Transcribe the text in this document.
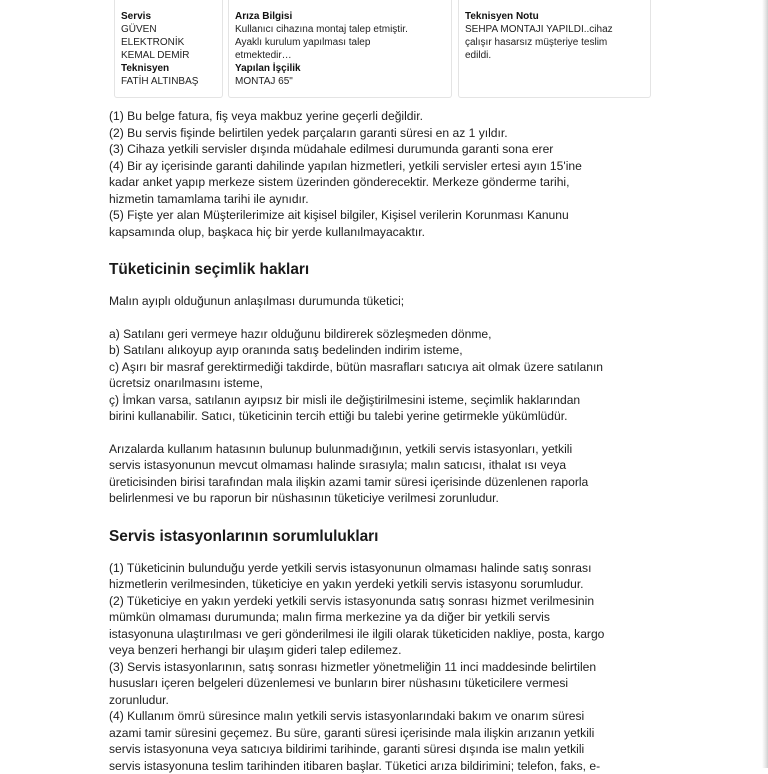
Servis
GÜVEN
ELEKTRONİK
KEMAL DEMİR
Teknisyen
FATİH ALTINBAŞ
Arıza Bilgisi
Kullanıcı cihazına montaj talep etmiştir.
Ayaklı kurulum yapılması talep
etmektedir…
Yapılan İşçilik
MONTAJ 65"
Teknisyen Notu
SEHPA MONTAJI YAPILDI..cihaz
çalışır hasarsız müşteriye teslim
edildi.

(1) Bu belge fatura, fiş veya makbuz yerine geçerli değildir.
(2) Bu servis fişinde belirtilen yedek parçaların garanti süresi en az 1 yıldır.
(3) Cihaza yetkili servisler dışında müdahale edilmesi durumunda garanti sona erer
(4) Bir ay içerisinde garanti dahilinde yapılan hizmetleri, yetkili servisler ertesi ayın 15'ine
kadar anket yapıp merkeze sistem üzerinden gönderecektir. Merkeze gönderme tarihi,
hizmetin tamamlama tarihi ile aynıdır.
(5) Fişte yer alan Müşterilerimize ait kişisel bilgiler, Kişisel verilerin Korunması Kanunu
kapsamında olup, başkaca hiç bir yerde kullanılmayacaktır.

Tüketicinin seçimlik hakları

Malın ayıplı olduğunun anlaşılması durumunda tüketici;

a) Satılanı geri vermeye hazır olduğunu bildirerek sözleşmeden dönme,
b) Satılanı alıkoyup ayıp oranında satış bedelinden indirim isteme,
c) Aşırı bir masraf gerektirmediği takdirde, bütün masrafları satıcıya ait olmak üzere satılanın
ücretsiz onarılmasını isteme,
ç) İmkan varsa, satılanın ayıpsız bir misli ile değiştirilmesini isteme, seçimlik haklarından
birini kullanabilir. Satıcı, tüketicinin tercih ettiği bu talebi yerine getirmekle yükümlüdür.

Arızalarda kullanım hatasının bulunup bulunmadığının, yetkili servis istasyonları, yetkili
servis istasyonunun mevcut olmaması halinde sırasıyla; malın satıcısı, ithalat ısı veya
üreticisinden birisi tarafından mala ilişkin azami tamir süresi içerisinde düzenlenen raporla
belirlenmesi ve bu raporun bir nüshasının tüketiciye verilmesi zorunludur.

Servis istasyonlarının sorumlulukları

(1) Tüketicinin bulunduğu yerde yetkili servis istasyonunun olmaması halinde satış sonrası
hizmetlerin verilmesinden, tüketiciye en yakın yerdeki yetkili servis istasyonu sorumludur.
(2) Tüketiciye en yakın yerdeki yetkili servis istasyonunda satış sonrası hizmet verilmesinin
mümkün olmaması durumunda; malın firma merkezine ya da diğer bir yetkili servis
istasyonuna ulaştırılması ve geri gönderilmesi ile ilgili olarak tüketiciden nakliye, posta, kargo
veya benzeri herhangi bir ulaşım gideri talep edilemez.
(3) Servis istasyonlarının, satış sonrası hizmetler yönetmeliğin 11 inci maddesinde belirtilen
hususları içeren belgeleri düzenlemesi ve bunların birer nüshasını tüketicilere vermesi
zorunludur.
(4) Kullanım ömrü süresince malın yetkili servis istasyonlarındaki bakım ve onarım süresi
azami tamir süresini geçemez. Bu süre, garanti süresi içerisinde mala ilişkin arızanın yetkili
servis istasyonuna veya satıcıya bildirimi tarihinde, garanti süresi dışında ise malın yetkili
servis istasyonuna teslim tarihinden itibaren başlar. Tüketici arıza bildirimini; telefon, faks, e-
